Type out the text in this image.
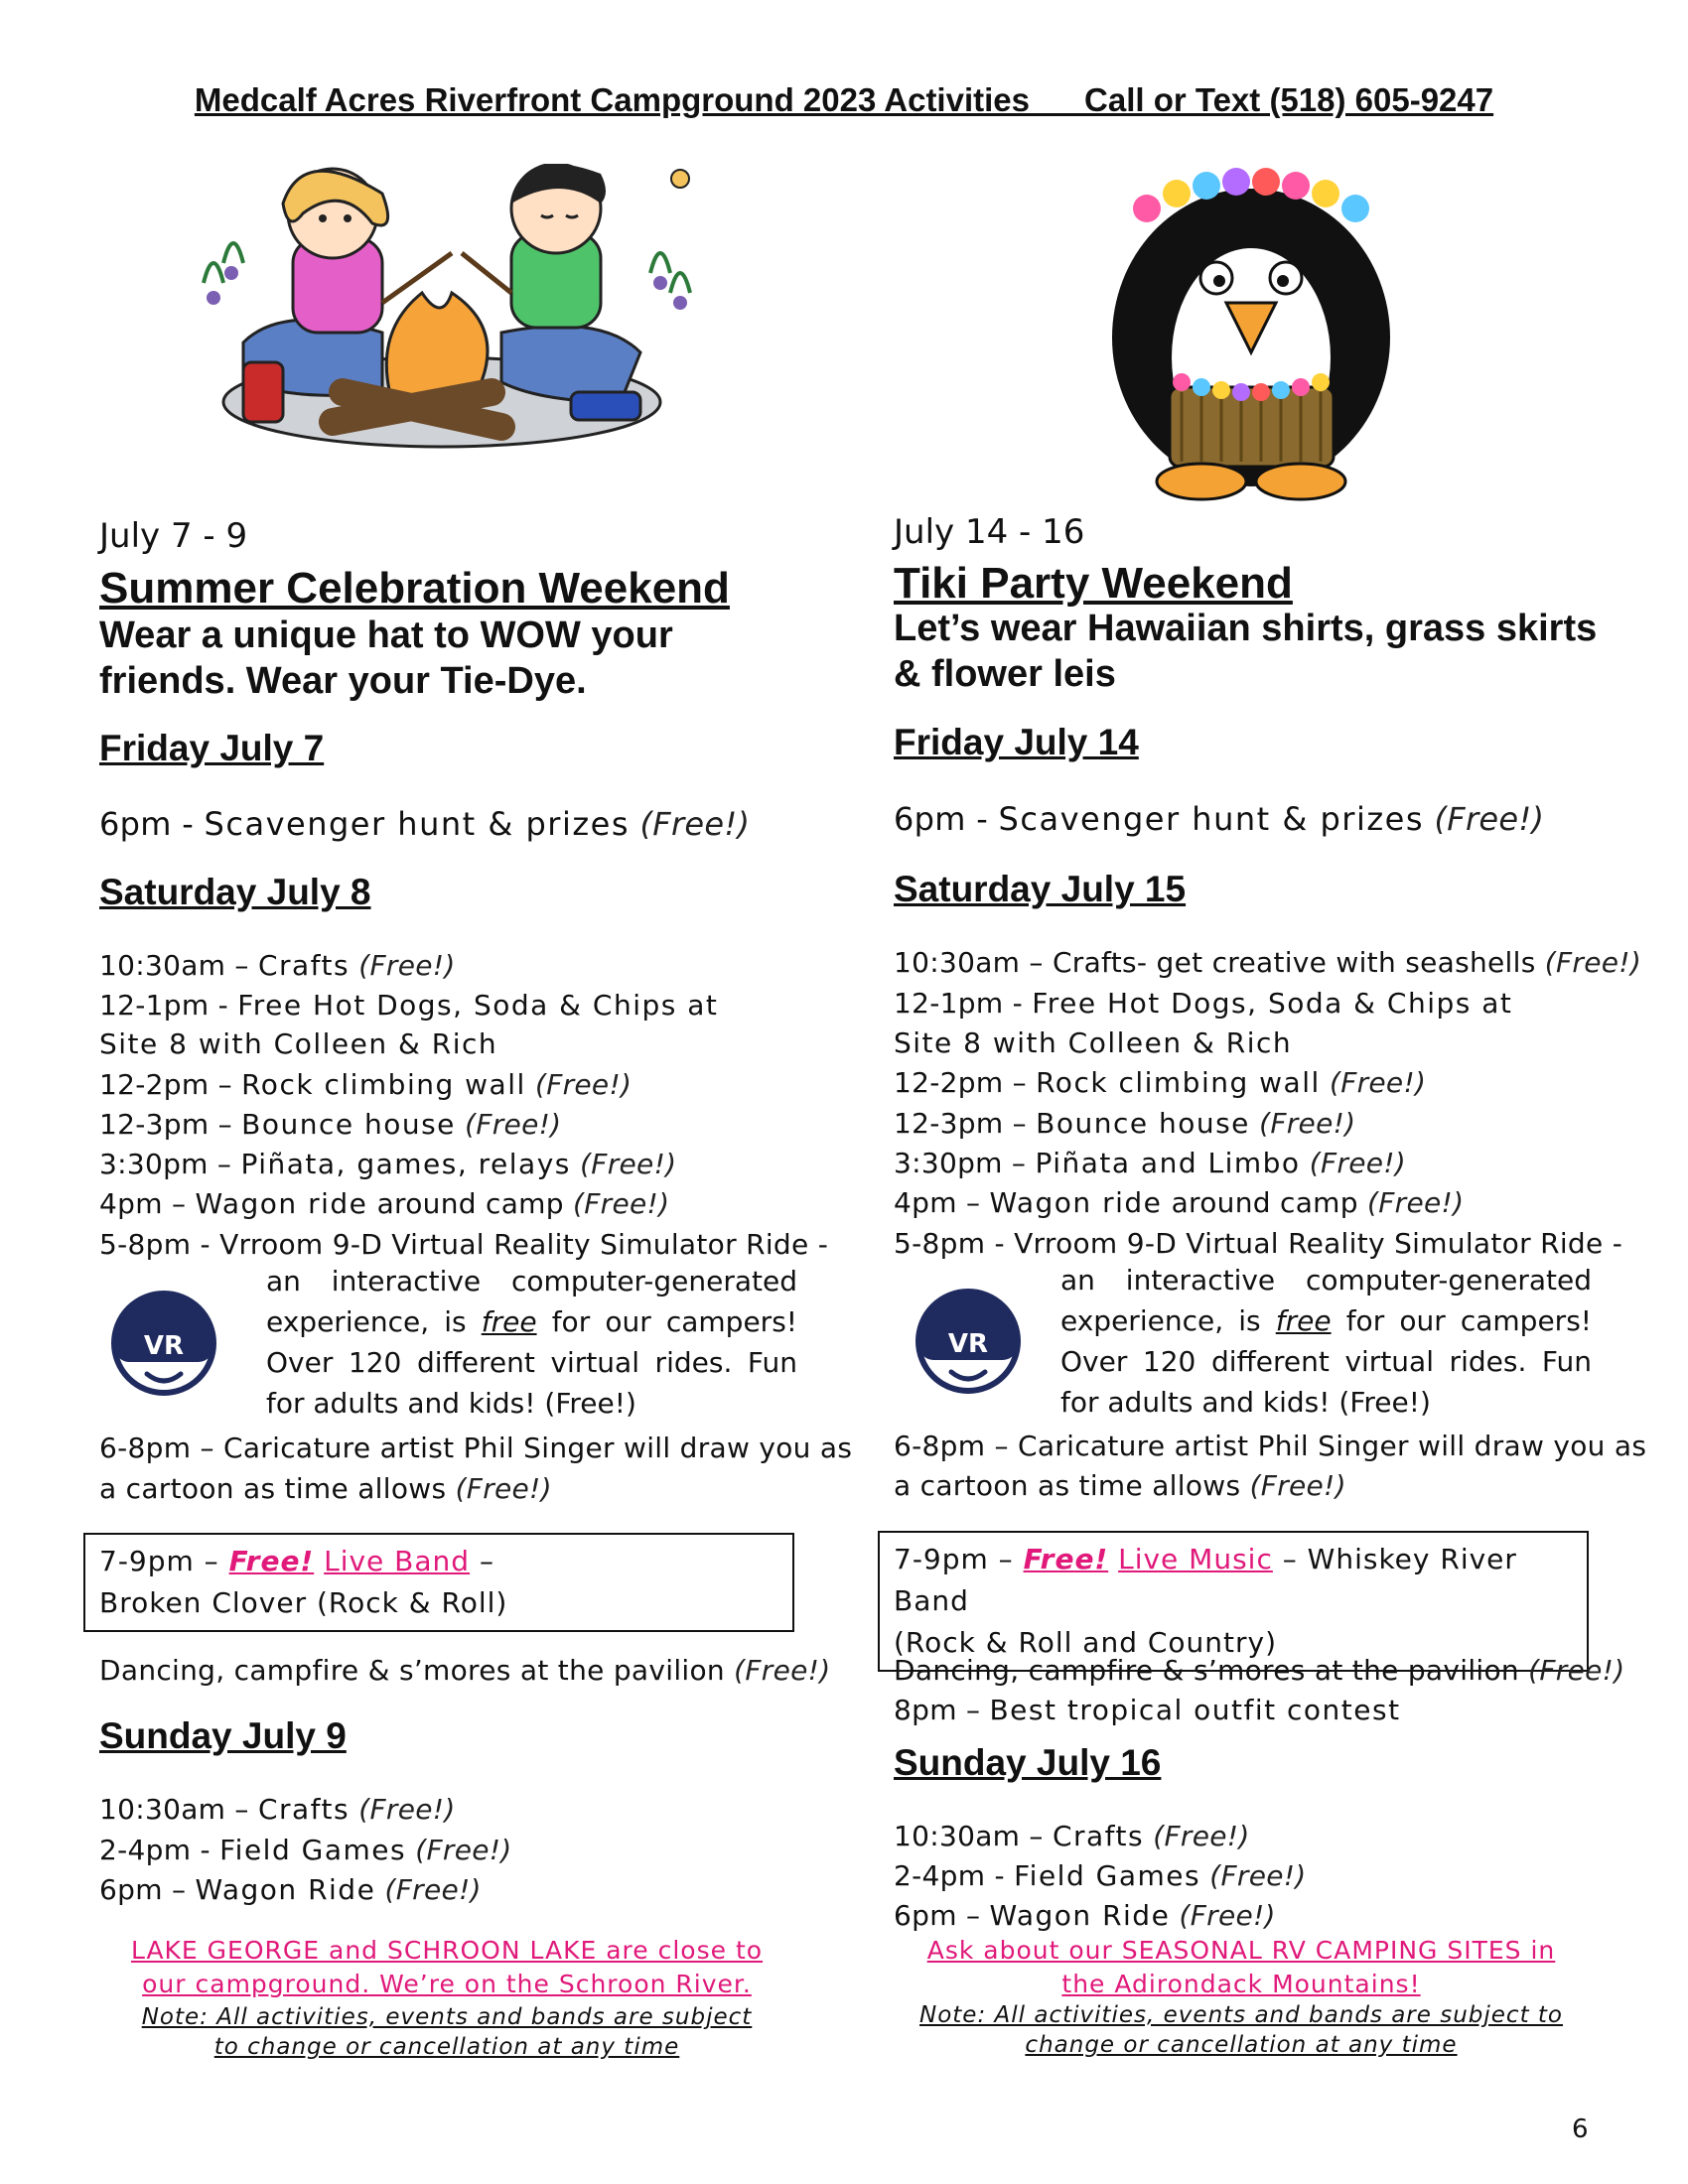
Medcalf Acres Riverfront Campground 2023 Activities Call or Text (518) 605-9247
July 7 - 9
Summer Celebration Weekend
Wear a unique hat to WOW your friends. Wear your Tie-Dye.
Friday July 7
6pm - Scavenger hunt & prizes (Free!)
Saturday July 8
10:30am – Crafts (Free!)
12-1pm - Free Hot Dogs, Soda & Chips at
Site 8 with Colleen & Rich
12-2pm – Rock climbing wall (Free!)
12-3pm – Bounce house (Free!)
3:30pm – Piñata, games, relays (Free!)
4pm – Wagon ride around camp (Free!)
5-8pm - Vrroom 9-D Virtual Reality Simulator Ride -
VR
an interactive computer-generated experience, is free for our campers! Over 120 different virtual rides. Fun for adults and kids! (Free!)
6-8pm – Caricature artist Phil Singer will draw you as
a cartoon as time allows (Free!)
7-9pm – Free! Live Band –
Broken Clover (Rock & Roll)
Dancing, campfire & s’mores at the pavilion (Free!)
Sunday July 9
10:30am – Crafts (Free!)
2-4pm - Field Games (Free!)
6pm – Wagon Ride (Free!)
LAKE GEORGE and SCHROON LAKE are close to our campground. We’re on the Schroon River.
Note: All activities, events and bands are subject to change or cancellation at any time
July 14 - 16
Tiki Party Weekend
Let’s wear Hawaiian shirts, grass skirts & flower leis
Friday July 14
6pm - Scavenger hunt & prizes (Free!)
Saturday July 15
10:30am – Crafts- get creative with seashells (Free!)
12-1pm - Free Hot Dogs, Soda & Chips at
Site 8 with Colleen & Rich
12-2pm – Rock climbing wall (Free!)
12-3pm – Bounce house (Free!)
3:30pm – Piñata and Limbo (Free!)
4pm – Wagon ride around camp (Free!)
5-8pm - Vrroom 9-D Virtual Reality Simulator Ride -
VR
an interactive computer-generated experience, is free for our campers! Over 120 different virtual rides. Fun for adults and kids! (Free!)
6-8pm – Caricature artist Phil Singer will draw you as
a cartoon as time allows (Free!)
7-9pm – Free! Live Music – Whiskey River Band
(Rock & Roll and Country)
Dancing, campfire & s’mores at the pavilion (Free!)
8pm – Best tropical outfit contest
Sunday July 16
10:30am – Crafts (Free!)
2-4pm - Field Games (Free!)
6pm – Wagon Ride (Free!)
Ask about our SEASONAL RV CAMPING SITES in the Adirondack Mountains!
Note: All activities, events and bands are subject to change or cancellation at any time
6
